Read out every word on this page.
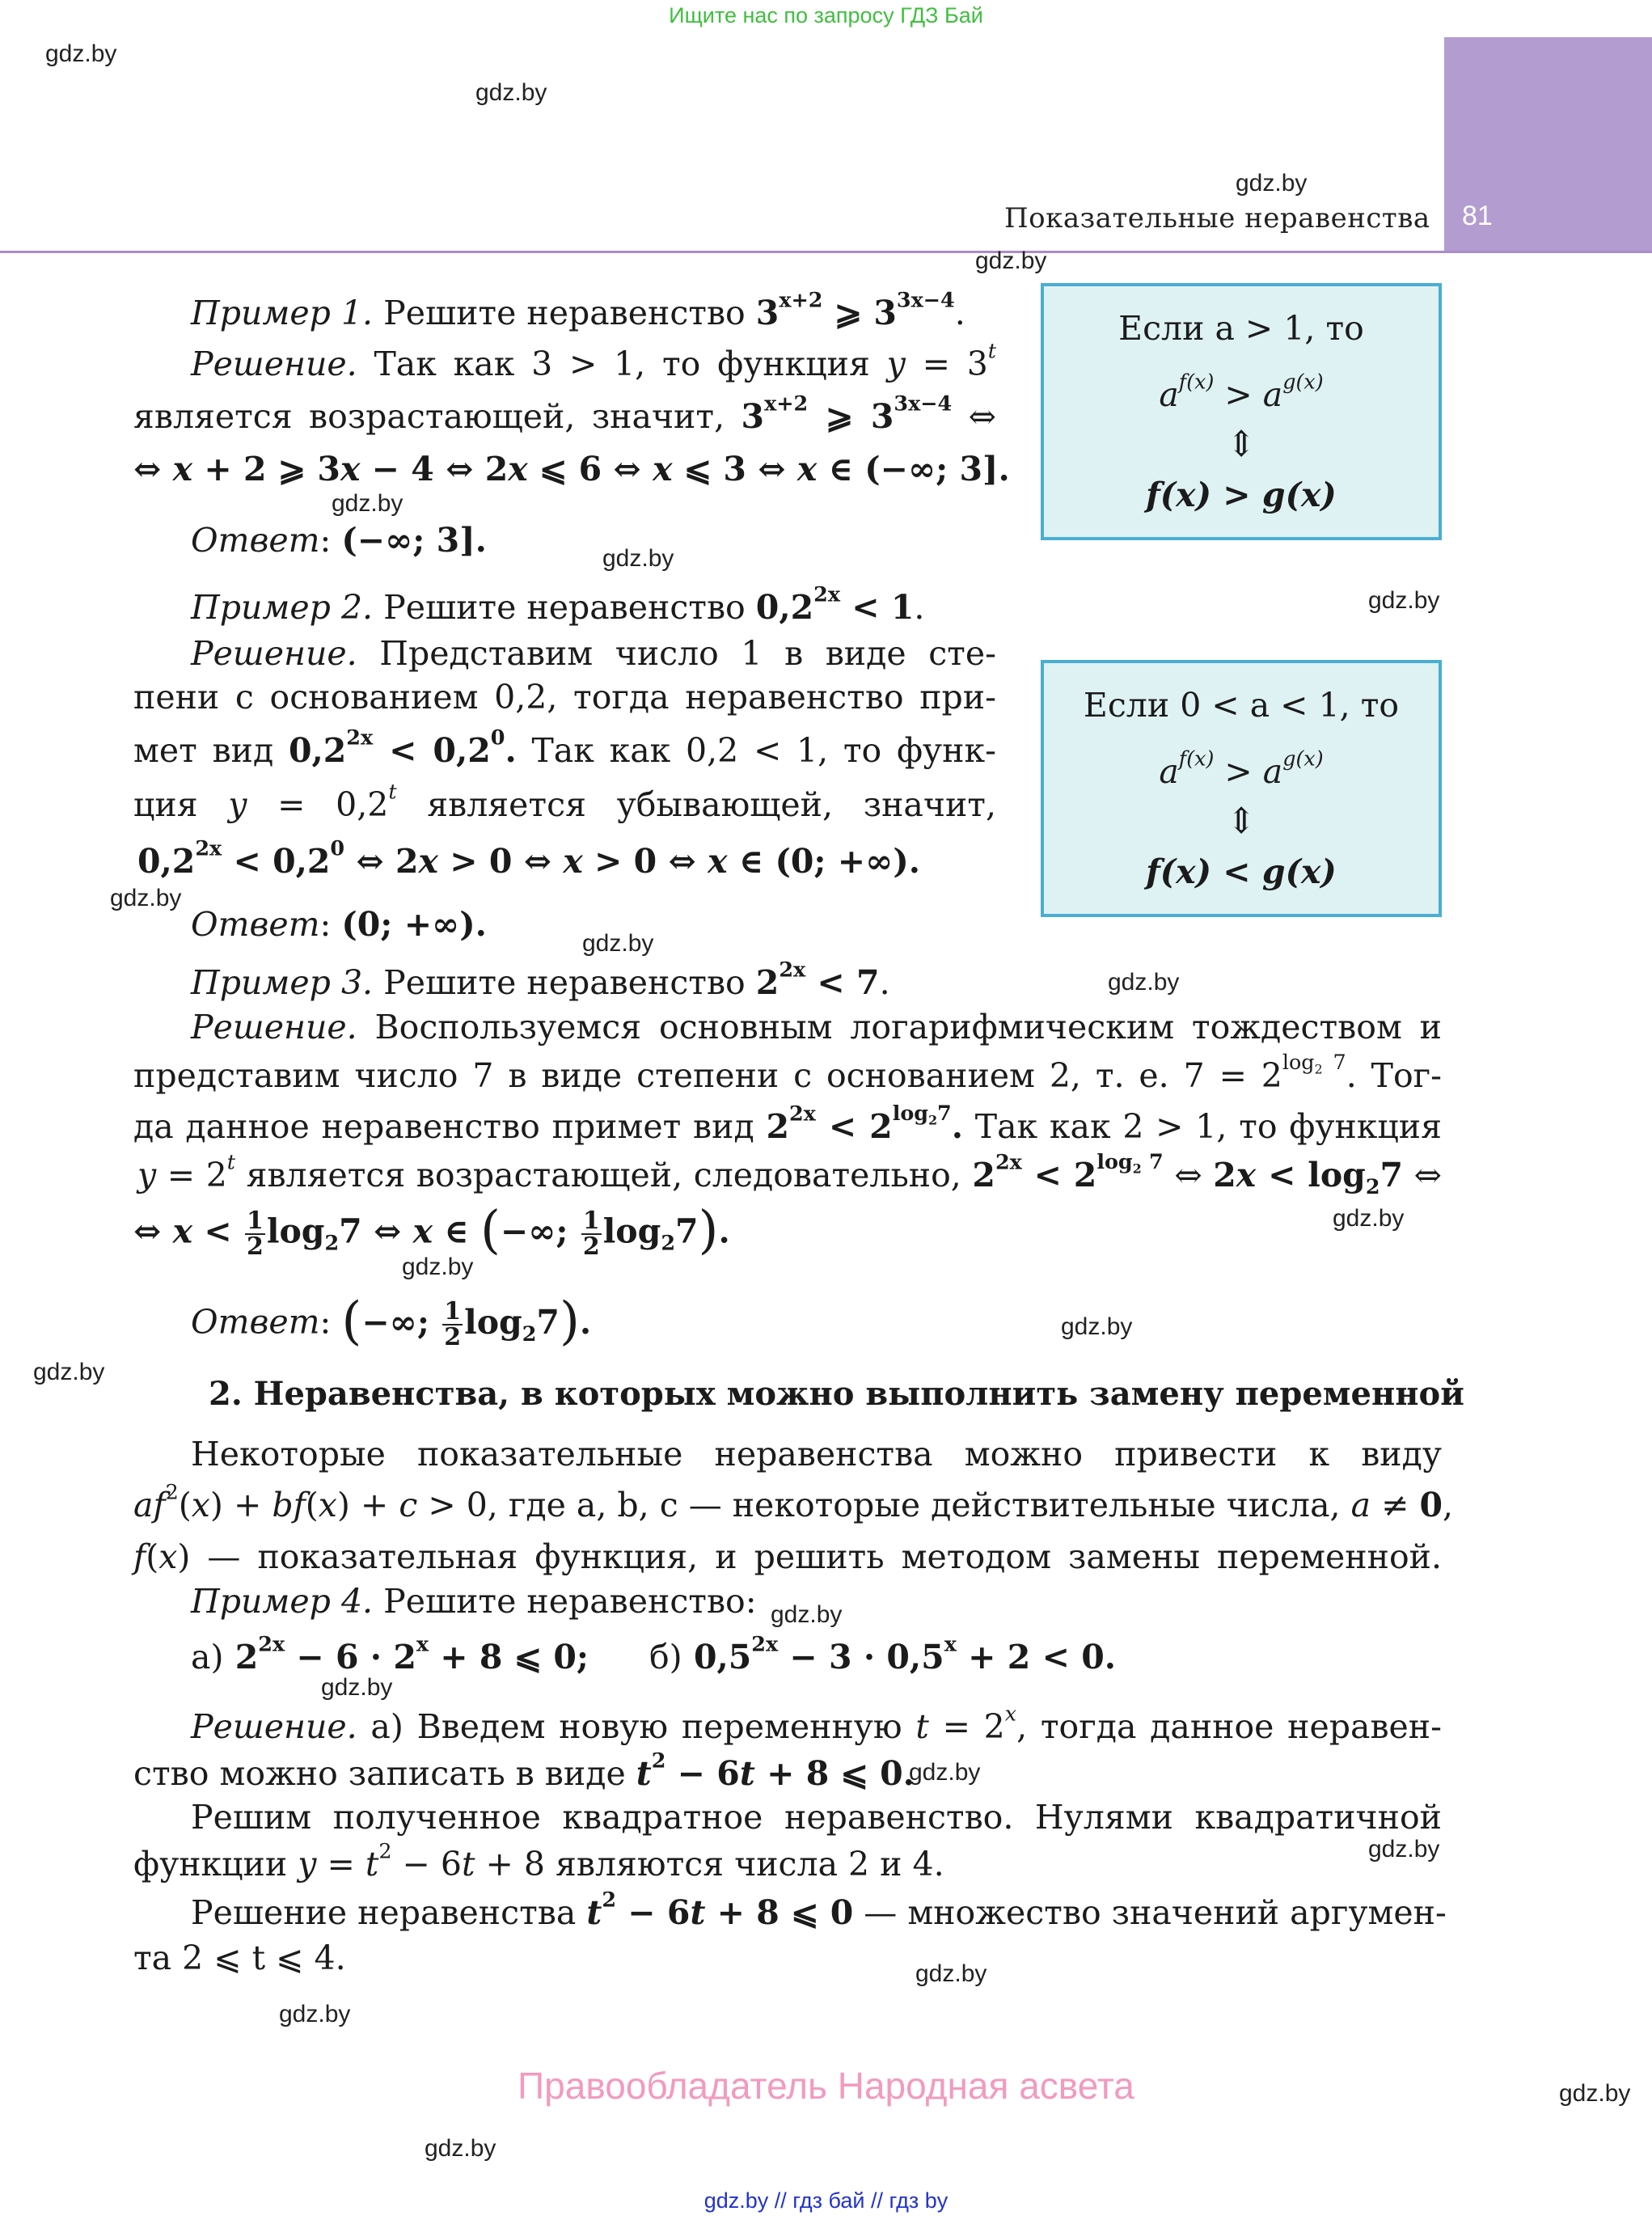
Ищите нас по запросу ГДЗ Бай
81
Показательные неравенства
gdz.by
gdz.by
gdz.by
gdz.by
gdz.by
gdz.by
gdz.by
gdz.by
gdz.by
gdz.by
gdz.by
gdz.by
gdz.by
gdz.by
gdz.by
gdz.by
gdz.by
gdz.by
gdz.by
gdz.by
gdz.by
gdz.by
Пример 1. Решите неравенство $3^{x+2}$ ⩾ $3^{3x-4}$.
Решение. Так как 3 > 1, то функция $y = 3^t$
является возрастающей, значит, $3^{x+2}$ ⩾ $3^{3x-4}$ ⇔
⇔ x + 2 ⩾ 3x − 4 ⇔ 2x ⩽ 6 ⇔ x ⩽ 3 ⇔ x ∈ (−∞; 3].
Ответ: (−∞; 3].
Если a > 1, то
$a^{f(x)} > a^{g(x)}$
⇕
f(x) > g(x)
Пример 2. Решите неравенство $0,2^{2x} < 1$.
Решение. Представим число 1 в виде сте-
пени с основанием 0,2, тогда неравенство при-
мет вид $0,2^{2x} < 0,2^0$. Так как 0,2 < 1, то функ-
ция $y = 0,2^t$ является убывающей, значит,
$0,2^{2x} < 0,2^0$ ⇔ 2x > 0 ⇔ x > 0 ⇔ x ∈ (0; +∞).
Ответ: (0; +∞).
Если 0 < a < 1, то
$a^{f(x)} > a^{g(x)}$
⇕
f(x) < g(x)
Пример 3. Решите неравенство $2^{2x} < 7$.
Решение. Воспользуемся основным логарифмическим тождеством и
представим число 7 в виде степени с основанием 2, т. е. $7 = 2^{log_2 7}$. Тог-
да данное неравенство примет вид $2^{2x} < 2^{log_27}$. Так как 2 > 1, то функция
$y = 2^t$ является возрастающей, следовательно, $2^{2x} < 2^{log_2 7}$ ⇔ $2x < \log_27$ ⇔
⇔ $x < \frac{1}{2} \log_27$ ⇔ x ∈ (−∞; $\frac{1}{2} \log_27$).
Ответ: (−∞; $\frac{1}{2} \log_27$).
2. Неравенства, в которых можно выполнить замену переменной
Некоторые показательные неравенства можно привести к виду
$af^2(x) + bf(x) + c > 0$, где a, b, c — некоторые действительные числа, a ≠ 0,
f(x) — показательная функция, и решить методом замены переменной.
Пример 4. Решите неравенство:
а) $2^{2x} - 6 \cdot 2^x + 8$ ⩽ 0; б) $0,5^{2x} - 3 \cdot 0,5^x + 2 < 0$.
Решение. а) Введем новую переменную $t = 2^x$, тогда данное неравен-
ство можно записать в виде $t^2 - 6t + 8$ ⩽ 0.
Решим полученное квадратное неравенство. Нулями квадратичной
функции $y = t^2 - 6t + 8$ являются числа 2 и 4.
Решение неравенства $t^2 - 6t + 8$ ⩽ 0 — множество значений аргумен-
та 2 ⩽ t ⩽ 4.
Правообладатель Народная асвета
gdz.by // гдз бай // гдз by
